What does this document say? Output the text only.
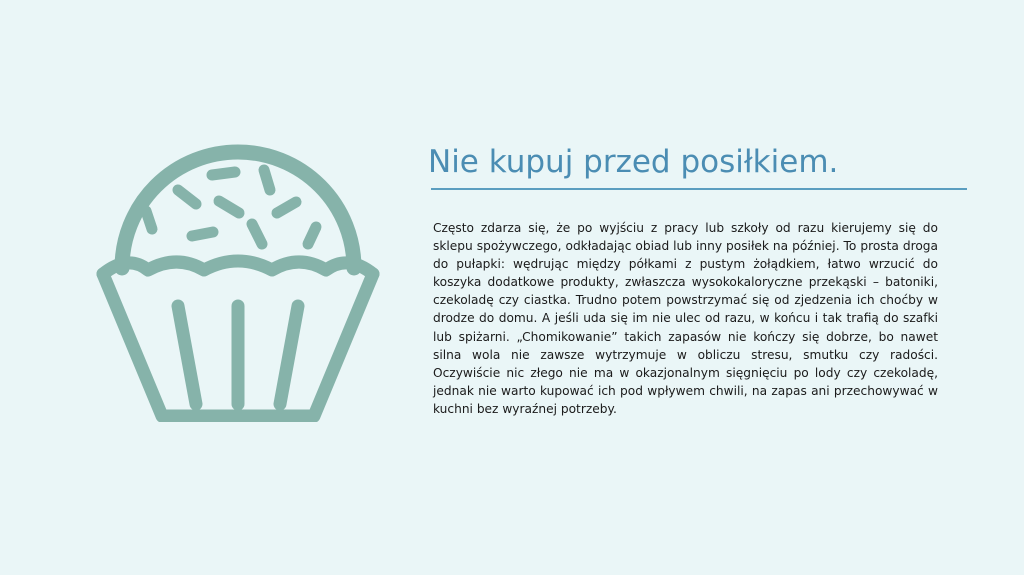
Nie kupuj przed posiłkiem.

Często zdarza się, że po wyjściu z pracy lub szkoły od razu kierujemy się do sklepu spożywczego, odkładając obiad lub inny posiłek na później. To prosta droga do pułapki: wędrując między półkami z pustym żołądkiem, łatwo wrzucić do koszyka dodatkowe produkty, zwłaszcza wysokokaloryczne przekąski – batoniki, czekoladę czy ciastka. Trudno potem powstrzymać się od zjedzenia ich choćby w drodze do domu. A jeśli uda się im nie ulec od razu, w końcu i tak trafią do szafki lub spiżarni. „Chomikowanie” takich zapasów nie kończy się dobrze, bo nawet silna wola nie zawsze wytrzymuje w obliczu stresu, smutku czy radości. Oczywiście nic złego nie ma w okazjonalnym sięgnięciu po lody czy czekoladę, jednak nie warto kupować ich pod wpływem chwili, na zapas ani przechowywać w kuchni bez wyraźnej potrzeby.
